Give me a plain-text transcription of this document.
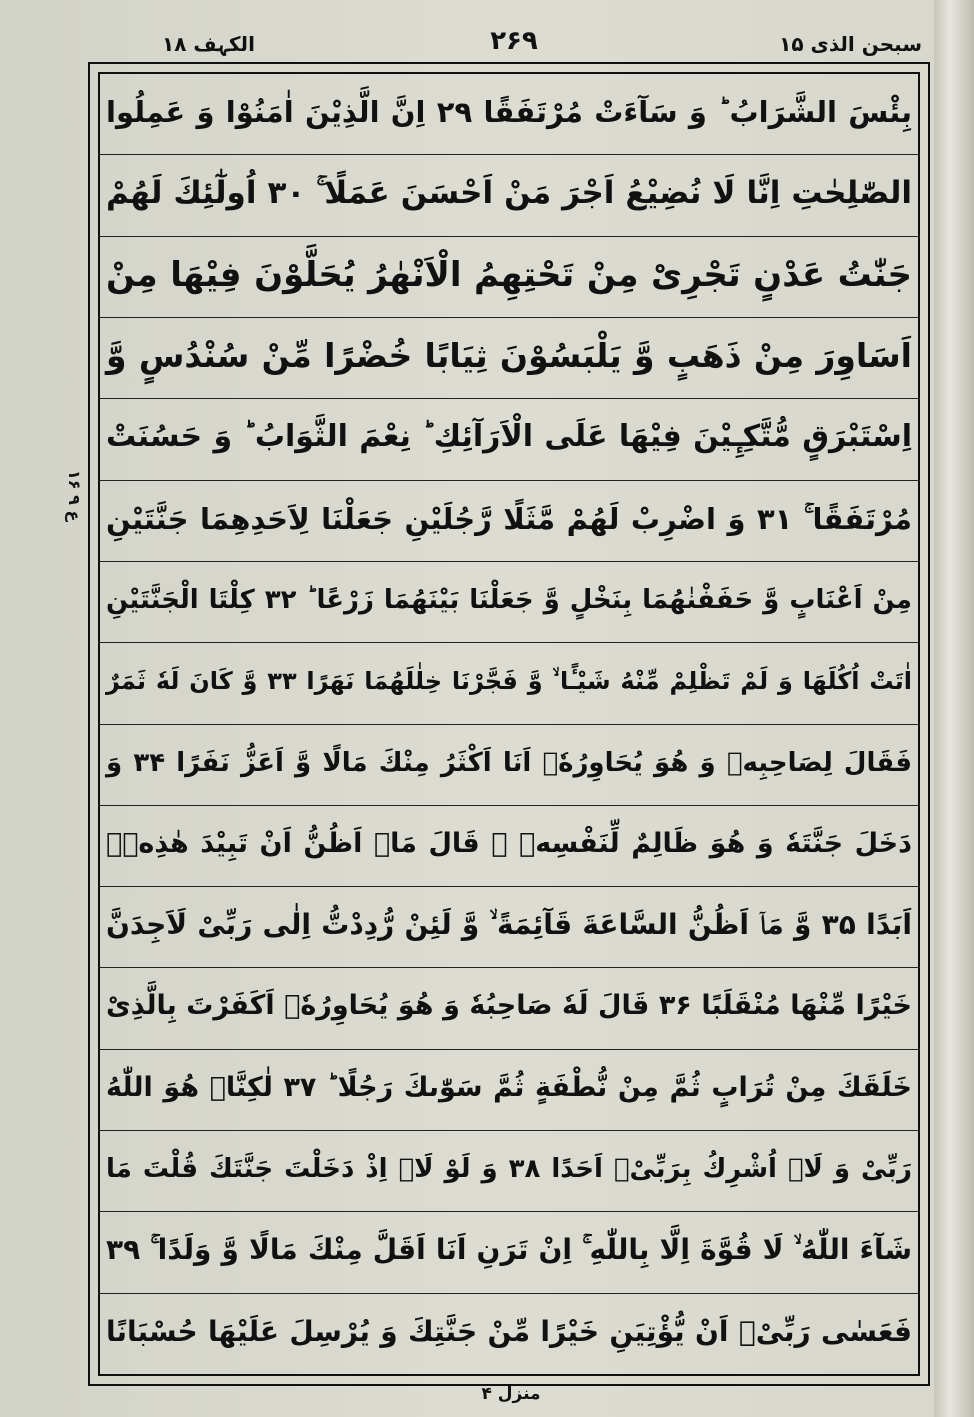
الکہف ۱۸	۲۶۹	سبحن الذی ۱۵
ع ۹ ۱۶
بِئْسَ الشَّرَابُ ؕ وَ سَآءَتْ مُرْتَفَقًا ۲۹ اِنَّ الَّذِیْنَ اٰمَنُوْا وَ عَمِلُوا
الصّٰلِحٰتِ اِنَّا لَا نُضِیْعُ اَجْرَ مَنْ اَحْسَنَ عَمَلًا ۚ ۳۰ اُولٰٓئِكَ لَهُمْ
جَنّٰتُ عَدْنٍ تَجْرِیْ مِنْ تَحْتِهِمُ الْاَنْهٰرُ یُحَلَّوْنَ فِیْهَا مِنْ
اَسَاوِرَ مِنْ ذَهَبٍ وَّ یَلْبَسُوْنَ ثِیَابًا خُضْرًا مِّنْ سُنْدُسٍ وَّ
اِسْتَبْرَقٍ مُّتَّكِـِٕیْنَ فِیْهَا عَلَى الْاَرَآئِكِ ؕ نِعْمَ الثَّوَابُ ؕ وَ حَسُنَتْ
مُرْتَفَقًا ۚ ۳۱ وَ اضْرِبْ لَهُمْ مَّثَلًا رَّجُلَیْنِ جَعَلْنَا لِاَحَدِهِمَا جَنَّتَیْنِ
مِنْ اَعْنَابٍ وَّ حَفَفْنٰهُمَا بِنَخْلٍ وَّ جَعَلْنَا بَیْنَهُمَا زَرْعًا ؕ ۳۲ كِلْتَا الْجَنَّتَیْنِ
اٰتَتْ اُكُلَهَا وَ لَمْ تَظْلِمْ مِّنْهُ شَیْـًٔا ۙ وَّ فَجَّرْنَا خِلٰلَهُمَا نَهَرًا ۳۳ وَّ كَانَ لَهٗ ثَمَرٌ
فَقَالَ لِصَاحِبِهٖ وَ هُوَ یُحَاوِرُهٗۤ اَنَا اَكْثَرُ مِنْكَ مَالًا وَّ اَعَزُّ نَفَرًا ۳۴ وَ
دَخَلَ جَنَّتَهٗ وَ هُوَ ظَالِمٌ لِّنَفْسِهٖ ۚ قَالَ مَاۤ اَظُنُّ اَنْ تَبِیْدَ هٰذِهٖۤ
اَبَدًا ۳۵ وَّ مَاۤ اَظُنُّ السَّاعَةَ قَآئِمَةً ۙ وَّ لَئِنْ رُّدِدْتُّ اِلٰى رَبِّیْ لَاَجِدَنَّ
خَیْرًا مِّنْهَا مُنْقَلَبًا ۳۶ قَالَ لَهٗ صَاحِبُهٗ وَ هُوَ یُحَاوِرُهٗۤ اَكَفَرْتَ بِالَّذِیْ
خَلَقَكَ مِنْ تُرَابٍ ثُمَّ مِنْ نُّطْفَةٍ ثُمَّ سَوّٰىكَ رَجُلًا ؕ ۳۷ لٰكِنَّا۠ هُوَ اللّٰهُ
رَبِّیْ وَ لَاۤ اُشْرِكُ بِرَبِّیْۤ اَحَدًا ۳۸ وَ لَوْ لَاۤ اِذْ دَخَلْتَ جَنَّتَكَ قُلْتَ مَا
شَآءَ اللّٰهُ ۙ لَا قُوَّةَ اِلَّا بِاللّٰهِ ۚ اِنْ تَرَنِ اَنَا اَقَلَّ مِنْكَ مَالًا وَّ وَلَدًا ۚ ۳۹
فَعَسٰى رَبِّیْۤ اَنْ یُّؤْتِیَنِ خَیْرًا مِّنْ جَنَّتِكَ وَ یُرْسِلَ عَلَیْهَا حُسْبَانًا
منزل ۴
